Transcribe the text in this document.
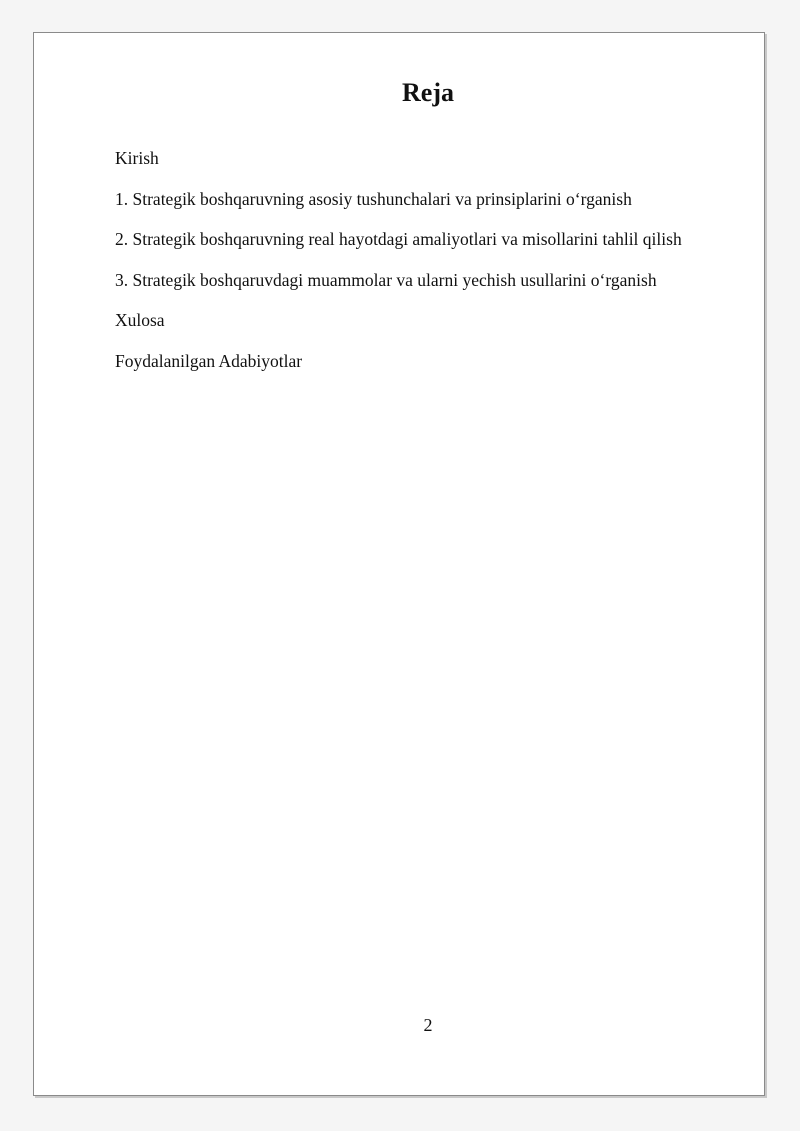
Reja
Kirish
1. Strategik boshqaruvning asosiy tushunchalari va prinsiplarini o‘rganish
2. Strategik boshqaruvning real hayotdagi amaliyotlari va misollarini tahlil qilish
3. Strategik boshqaruvdagi muammolar va ularni yechish usullarini o‘rganish
Xulosa
Foydalanilgan Adabiyotlar
2
